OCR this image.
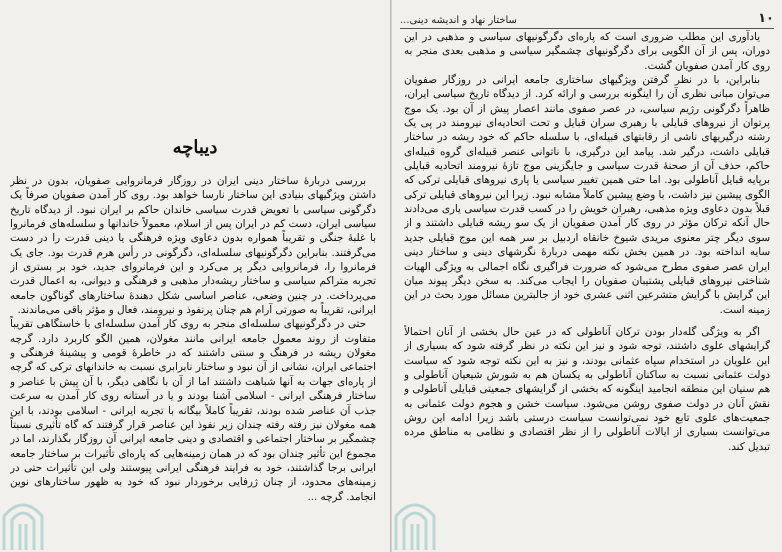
دیباچه

بررسی دربارهٔ ساختار دینی ایران در روزگار فرمانروایی صفویان، بدون در نظر داشتن ویژگیهای بنیادی این ساختار نارسا خواهد بود. روی کار آمدن صفویان صرفاً یک دگرگونی سیاسی با تعویض قدرت سیاسی خاندان حاکم بر ایران نبود. از دیدگاه تاریخ سیاسی ایران، دست کم در ایران پس از اسلام، معمولاً خاندانها و سلسله‌های فرمانروا با غلبهٔ جنگی و تقریباً همواره بدون دعاوی ویژه فرهنگی یا دینی قدرت را در دست می‌گرفتند. بنابراین دگرگونیهای سلسله‌ای، دگرگونی در رأس هرم قدرت بود. جای یک فرمانروا را، فرمانروایی دیگر پر می‌کرد و این فرمانروای جدید، خود بر بستری از تجربه متراکم سیاسی و ساختار ریشه‌دار مذهبی و فرهنگی و دیوانی، به اعمال قدرت می‌پرداخت. در چنین وضعی، عناصر اساسی شکل دهندهٔ ساختارهای گوناگون جامعه ایرانی، تقریباً به صورتی آرام هم چنان پرنفوذ و نیرومند، فعال و مؤثر باقی می‌ماندند.

حتی در دگرگونیهای سلسله‌ای منجر به روی کار آمدن سلسله‌ای با خاستگاهی تقریباً متفاوت از روند معمول جامعه ایرانی مانند مغولان، همین الگو کاربرد دارد. گرچه مغولان ریشه در فرهنگ و سنتی داشتند که در خاطرهٔ قومی و پیشینهٔ فرهنگی و اجتماعی ایران، نشانی از آن نبود و ساختار نابرابری نسبت به خاندانهای ترکی که گرچه از پاره‌ای جهات به آنها شباهت داشتند اما از آن با نگاهی دیگر، با آن پیش با عناصر و ساختار فرهنگی ایرانی - اسلامی آشنا بودند و یا در آستانه روی کار آمدن به سرعت جذب آن عناصر شده بودند، تقریباً کاملاً بیگانه با تجربه ایرانی - اسلامی بودند، با این همه مغولان نیز رفته رفته چندان زیر نفوذ این عناصر قرار گرفتند که گاه تأثیری نسبتاً چشمگیر بر ساختار اجتماعی و اقتصادی و دینی جامعه ایرانی آن روزگار بگذارند، اما در مجموع این تأثیر چندان بود که در همان زمینه‌هایی که پاره‌ای تأثیرات بر ساختار جامعه ایرانی برجا گذاشتند، خود به فرایند فرهنگی ایرانی پیوستند ولی این تأثیرات حتی در زمینه‌های محدود، از چنان ژرفایی برخوردار نبود که خود به ظهور ساختارهای نوین انجامد. گرچه ...

ساختار نهاد و اندیشه دینی...	۱۰

یادآوری این مطلب ضروری است که پاره‌ای دگرگونیهای سیاسی و مذهبی در این دوران، پس از آن الگویی برای دگرگونیهای چشمگیر سیاسی و مذهبی بعدی منجر به روی کار آمدن صفویان گشت.

بنابراین، با در نظر گرفتن ویژگیهای ساختاری جامعه ایرانی در روزگار صفویان می‌توان مبانی نظری آن را اینگونه بررسی و ارائه کرد. از دیدگاه تاریخ سیاسی ایران، ظاهراً دگرگونی رژیم سیاسی، در عصر صفوی مانند اعصار پیش از آن بود. یک موج پرتوان از نیروهای قبایلی با رهبری سران قبایل و تحت اتحادیه‌ای نیرومند در پی یک رشته درگیریهای ناشی از رقابتهای قبیله‌ای، با سلسله حاکم که خود ریشه در ساختار قبایلی داشت، درگیر شد. پیامد این درگیری، با ناتوانی عنصر قبیله‌ای گروه قبیله‌ای حاکم، حذف آن از صحنهٔ قدرت سیاسی و جایگزینی موج تازهٔ نیرومند اتحادیه قبایلی برپایه قبایل آناطولی بود. اما حتی همین تغییر سیاسی یا پاری نیروهای قبایلی ترکی که الگوی پیشین نیز داشت، با وضع پیشین کاملاً مشابه نبود. زیرا این نیروهای قبایلی ترکی قبلاً بدون دعاوی ویژه مذهبی، رهبران خویش را در کسب قدرت سیاسی یاری می‌دادند حال آنکه ترکان مؤثر در روی کار آمدن صفویان از یک سو ریشه قبایلی داشتند و از سوی دیگر چتر معنوی مریدی شیوخ خانقاه اردبیل بر سر همه این موج قبایلی جدید سایه انداخته بود. در همین بخش نکته مهمی دربارهٔ نگرشهای دینی و ساختار دینی ایران عصر صفوی مطرح می‌شود که ضرورت فراگیری نگاه اجمالی به ویژگی الهیات شناختی نیروهای قبایلی پشتیبان صفویان را ایجاب می‌کند. به سخن دیگر پیوند میان این گرایش با گرایش متشرعین اثنی عشری خود از جالبترین مسائل مورد بحث در این زمینه است.

اگر به ویژگی گله‌دار بودن ترکان آناطولی که در عین حال بخشی از آنان احتمالاً گرایشهای علوی داشتند، توجه شود و نیز این نکته در نظر گرفته شود که بسیاری از این علویان در استخدام سپاه عثمانی بودند، و نیز به این نکته توجه شود که سیاست دولت عثمانی نسبت به ساکنان آناطولی به یکسان هم به شورش شیعیان آناطولی و هم سنیان این منطقه انجامید اینگونه که بخشی از گرایشهای جمعیتی قبایلی آناطولی و نقش آنان در دولت صفوی روشن می‌شود. سیاست خشن و هجوم دولت عثمانی به جمعیت‌های علوی تابع خود نمی‌توانست سیاست درستی باشد زیرا ادامه این روش می‌توانست بسیاری از ایالات آناطولی را از نظر اقتصادی و نظامی به مناطق مرده تبدیل کند.
